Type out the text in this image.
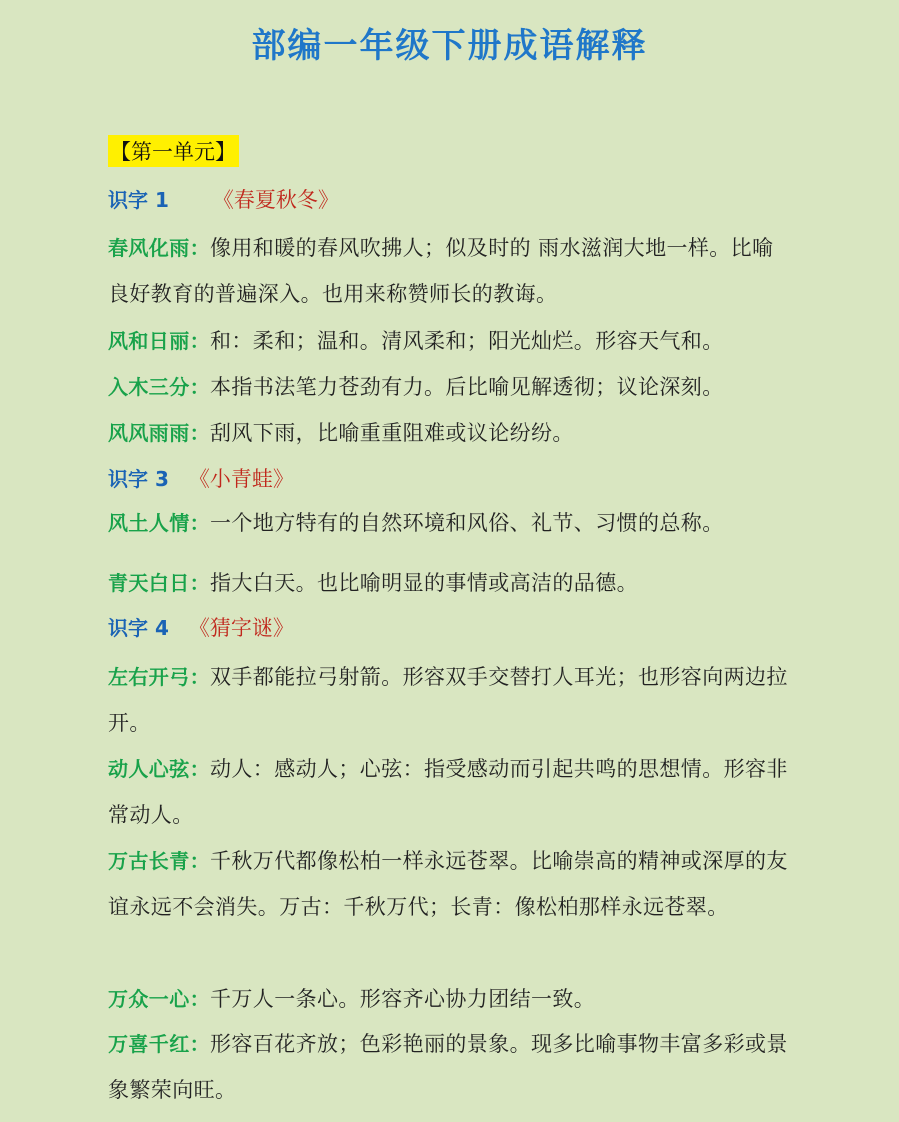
部编一年级下册成语解释
【第一单元】
识字 1 《春夏秋冬》
春风化雨：像用和暖的春风吹拂人；似及时的 雨水滋润大地一样。比喻良好教育的普遍深入。也用来称赞师长的教诲。
风和日丽：和：柔和；温和。清风柔和；阳光灿烂。形容天气和。
入木三分：本指书法笔力苍劲有力。后比喻见解透彻；议论深刻。
风风雨雨：刮风下雨，比喻重重阻难或议论纷纷。
识字 3 《小青蛙》
风土人情：一个地方特有的自然环境和风俗、礼节、习惯的总称。
青天白日：指大白天。也比喻明显的事情或高洁的品德。
识字 4 《猜字谜》
左右开弓：双手都能拉弓射箭。形容双手交替打人耳光；也形容向两边拉开。
动人心弦：动人：感动人；心弦：指受感动而引起共鸣的思想情。形容非常动人。
万古长青：千秋万代都像松柏一样永远苍翠。比喻崇高的精神或深厚的友谊永远不会消失。万古：千秋万代；长青：像松柏那样永远苍翠。
万众一心：千万人一条心。形容齐心协力团结一致。
万喜千红：形容百花齐放；色彩艳丽的景象。现多比喻事物丰富多彩或景象繁荣向旺。
